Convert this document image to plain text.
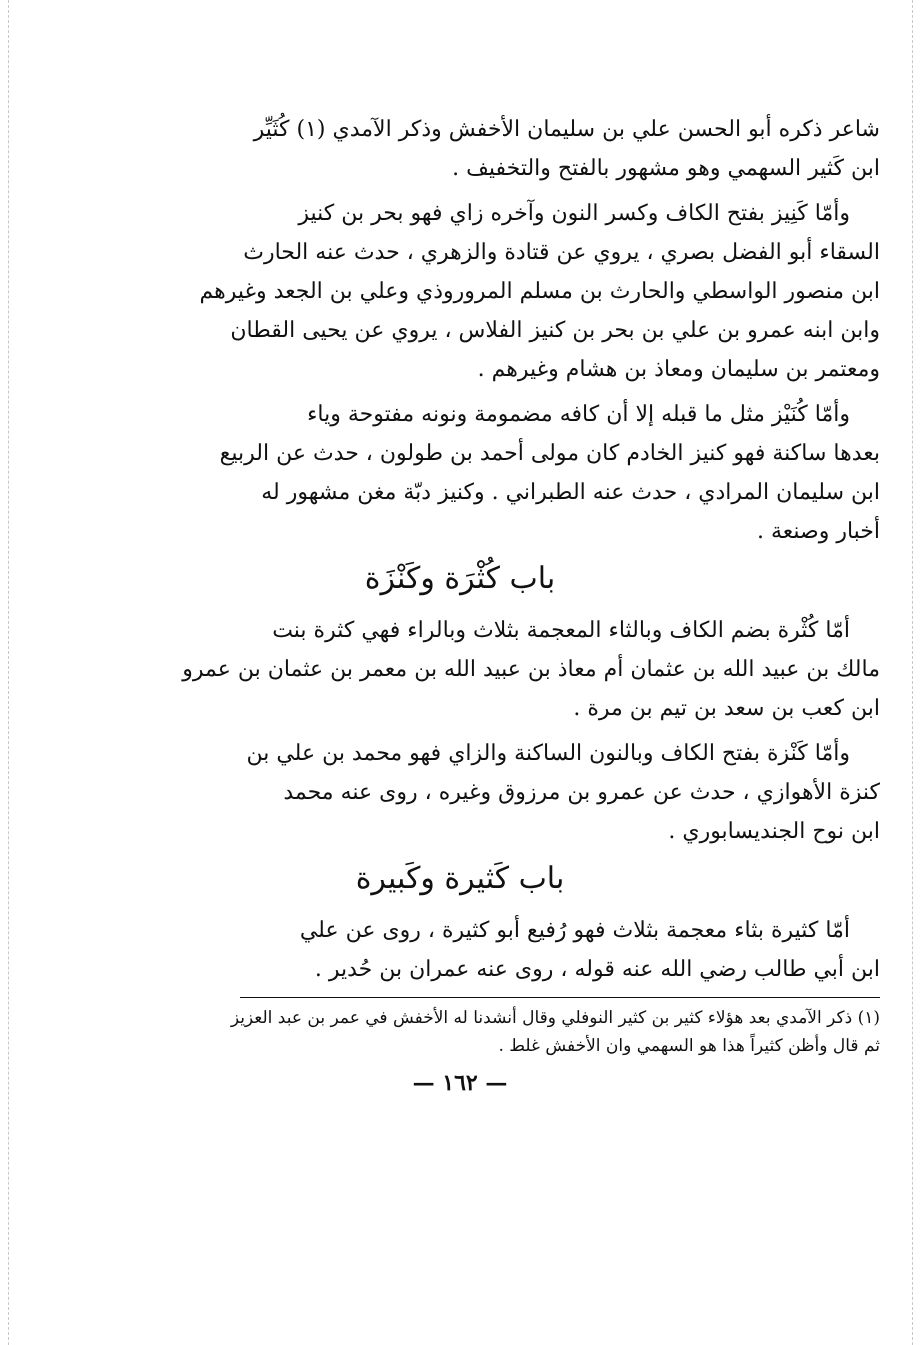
شاعر ذكره أبو الحسن علي بن سليمان الأخفش وذكر الآمدي (١) كُثَيِّر

ابن كَثير السهمي وهو مشهور بالفتح والتخفيف .

وأمّا كَنِيز بفتح الكاف وكسر النون وآخره زاي فهو بحر بن كنيز

السقاء أبو الفضل بصري ، يروي عن قتادة والزهري ، حدث عنه الحارث

ابن منصور الواسطي والحارث بن مسلم المروروذي وعلي بن الجعد وغيرهم

وابن ابنه عمرو بن علي بن بحر بن كنيز الفلاس ، يروي عن يحيى القطان

ومعتمر بن سليمان ومعاذ بن هشام وغيرهم .

وأمّا كُنَيْز مثل ما قبله إلا أن كافه مضمومة ونونه مفتوحة وياء

بعدها ساكنة فهو كنيز الخادم كان مولى أحمد بن طولون ، حدث عن الربيع

ابن سليمان المرادي ، حدث عنه الطبراني . وكنيز دبّة مغن مشهور له

أخبار وصنعة .

باب كُثْرَة وكَنْزَة

أمّا كُثْرة بضم الكاف وبالثاء المعجمة بثلاث وبالراء فهي كثرة بنت

مالك بن عبيد الله بن عثمان أم معاذ بن عبيد الله بن معمر بن عثمان بن عمرو

ابن كعب بن سعد بن تيم بن مرة .

وأمّا كَنْزة بفتح الكاف وبالنون الساكنة والزاي فهو محمد بن علي بن

كنزة الأهوازي ، حدث عن عمرو بن مرزوق وغيره ، روى عنه محمد

ابن نوح الجنديسابوري .

باب كَثيرة وكَبيرة

أمّا كثيرة بثاء معجمة بثلاث فهو رُفيع أبو كثيرة ، روى عن علي

ابن أبي طالب رضي الله عنه قوله ، روى عنه عمران بن حُدير .

(١) ذكر الآمدي بعد هؤلاء كثير بن كثير النوفلي وقال أنشدنا له الأخفش في عمر بن عبد العزيز

ثم قال وأظن كثيراً هذا هو السهمي وان الأخفش غلط .

— ١٦٢ —
